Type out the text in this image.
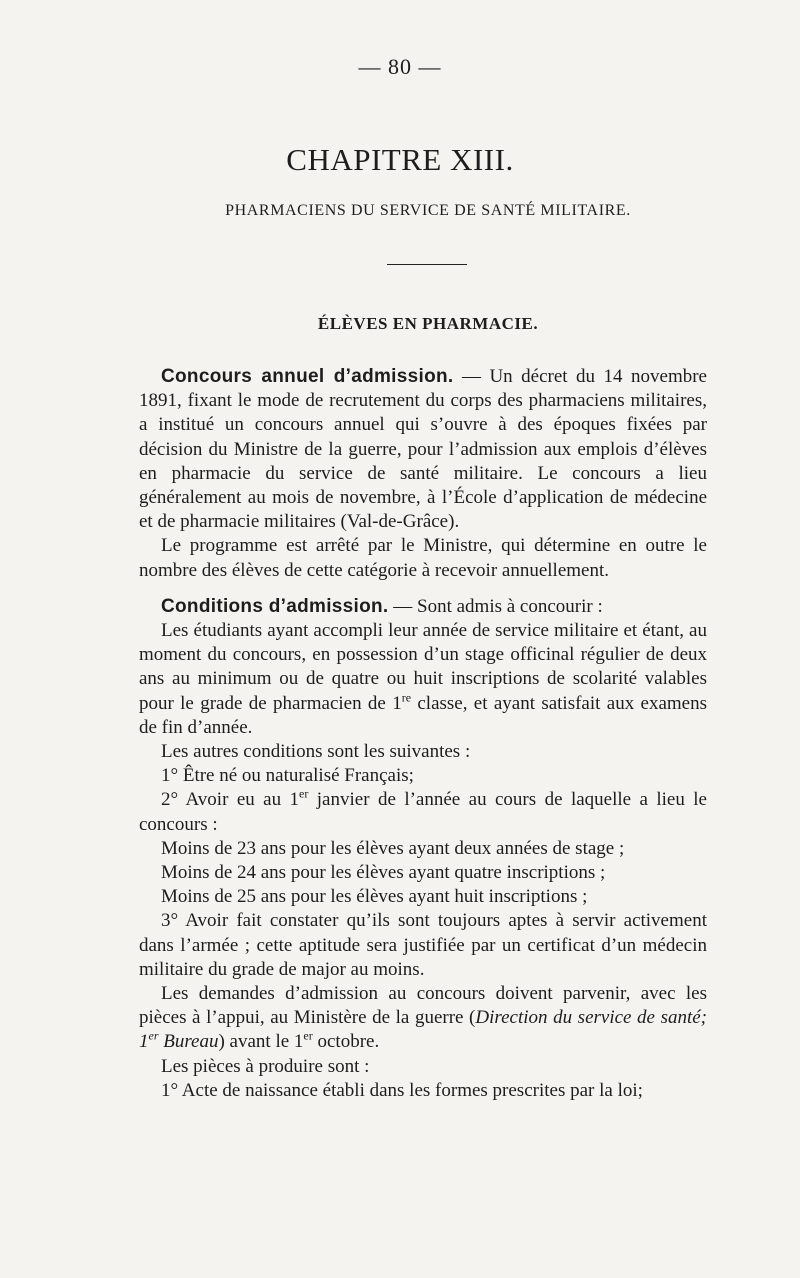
— 80 —
CHAPITRE XIII.
PHARMACIENS DU SERVICE DE SANTÉ MILITAIRE.
ÉLÈVES EN PHARMACIE.

Concours annuel d’admission. — Un décret du 14 novembre 1891, fixant le mode de recrutement du corps des pharmaciens militaires, a institué un concours annuel qui s’ouvre à des époques fixées par décision du Ministre de la guerre, pour l’admission aux emplois d’élèves en pharmacie du service de santé militaire. Le concours a lieu généralement au mois de novembre, à l’École d’application de médecine et de pharmacie militaires (Val-de-Grâce).

Le programme est arrêté par le Ministre, qui détermine en outre le nombre des élèves de cette catégorie à recevoir annuellement.

Conditions d’admission. — Sont admis à concourir :

Les étudiants ayant accompli leur année de service militaire et étant, au moment du concours, en possession d’un stage officinal régulier de deux ans au minimum ou de quatre ou huit inscriptions de scolarité valables pour le grade de pharmacien de 1re classe, et ayant satisfait aux examens de fin d’année.

Les autres conditions sont les suivantes :

1° Être né ou naturalisé Français;

2° Avoir eu au 1er janvier de l’année au cours de laquelle a lieu le concours :

Moins de 23 ans pour les élèves ayant deux années de stage ;

Moins de 24 ans pour les élèves ayant quatre inscriptions ;

Moins de 25 ans pour les élèves ayant huit inscriptions ;

3° Avoir fait constater qu’ils sont toujours aptes à servir activement dans l’armée ; cette aptitude sera justifiée par un certificat d’un médecin militaire du grade de major au moins.

Les demandes d’admission au concours doivent parvenir, avec les pièces à l’appui, au Ministère de la guerre (Direction du service de santé; 1er Bureau) avant le 1er octobre.

Les pièces à produire sont :

1° Acte de naissance établi dans les formes prescrites par la loi;
